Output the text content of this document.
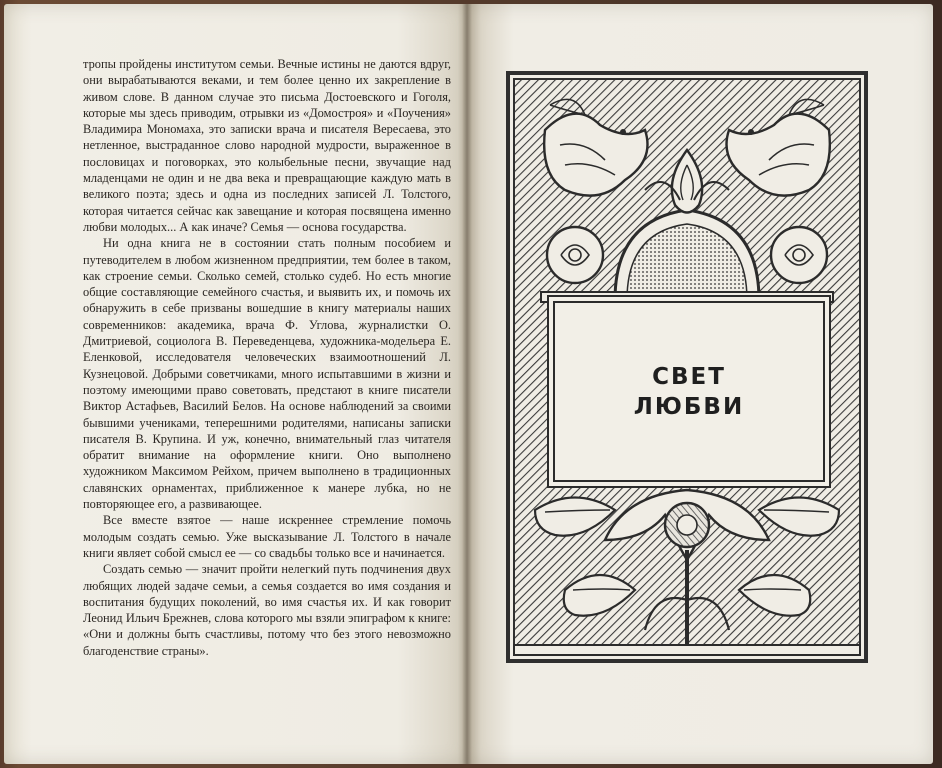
тропы пройдены институтом семьи. Вечные истины не даются вдруг, они вырабатываются веками, и тем более ценно их закрепление в живом слове. В данном случае это письма Достоевского и Гоголя, которые мы здесь приводим, отрывки из «Домостроя» и «Поучения» Владимира Мономаха, это записки врача и писателя Вересаева, это нетленное, выстраданное слово народной мудрости, выраженное в пословицах и поговорках, это колыбельные песни, звучащие над младенцами не один и не два века и превращающие каждую мать в великого поэта; здесь и одна из последних записей Л. Толстого, которая читается сейчас как завещание и которая посвящена именно любви молодых... А как иначе? Семья — основа государства.

Ни одна книга не в состоянии стать полным пособием и путеводителем в любом жизненном предприятии, тем более в таком, как строение семьи. Сколько семей, столько судеб. Но есть многие общие составляющие семейного счастья, и выявить их, и помочь их обнаружить в себе призваны вошедшие в книгу материалы наших современников: академика, врача Ф. Углова, журналистки О. Дмитриевой, социолога В. Переведенцева, художника-модельера Е. Еленковой, исследователя человеческих взаимоотношений Л. Кузнецовой. Добрыми советчиками, много испытавшими в жизни и поэтому имеющими право советовать, предстают в книге писатели Виктор Астафьев, Василий Белов. На основе наблюдений за своими бывшими учениками, теперешними родителями, написаны записки писателя В. Крупина. И уж, конечно, внимательный глаз читателя обратит внимание на оформление книги. Оно выполнено художником Максимом Рейхом, причем выполнено в традиционных славянских орнаментах, приближенное к манере лубка, но не повторяющее его, а развивающее.

Все вместе взятое — наше искреннее стремление помочь молодым создать семью. Уже высказывание Л. Толстого в начале книги являет собой смысл ее — со свадьбы только все и начинается.

Создать семью — значит пройти нелегкий путь подчинения двух любящих людей задаче семьи, а семья создается во имя создания и воспитания будущих поколений, во имя счастья их. И как говорит Леонид Ильич Брежнев, слова которого мы взяли эпиграфом к книге: «Они и должны быть счастливы, потому что без этого невозможно благоденствие страны».

СВЕТ
ЛЮБВИ
